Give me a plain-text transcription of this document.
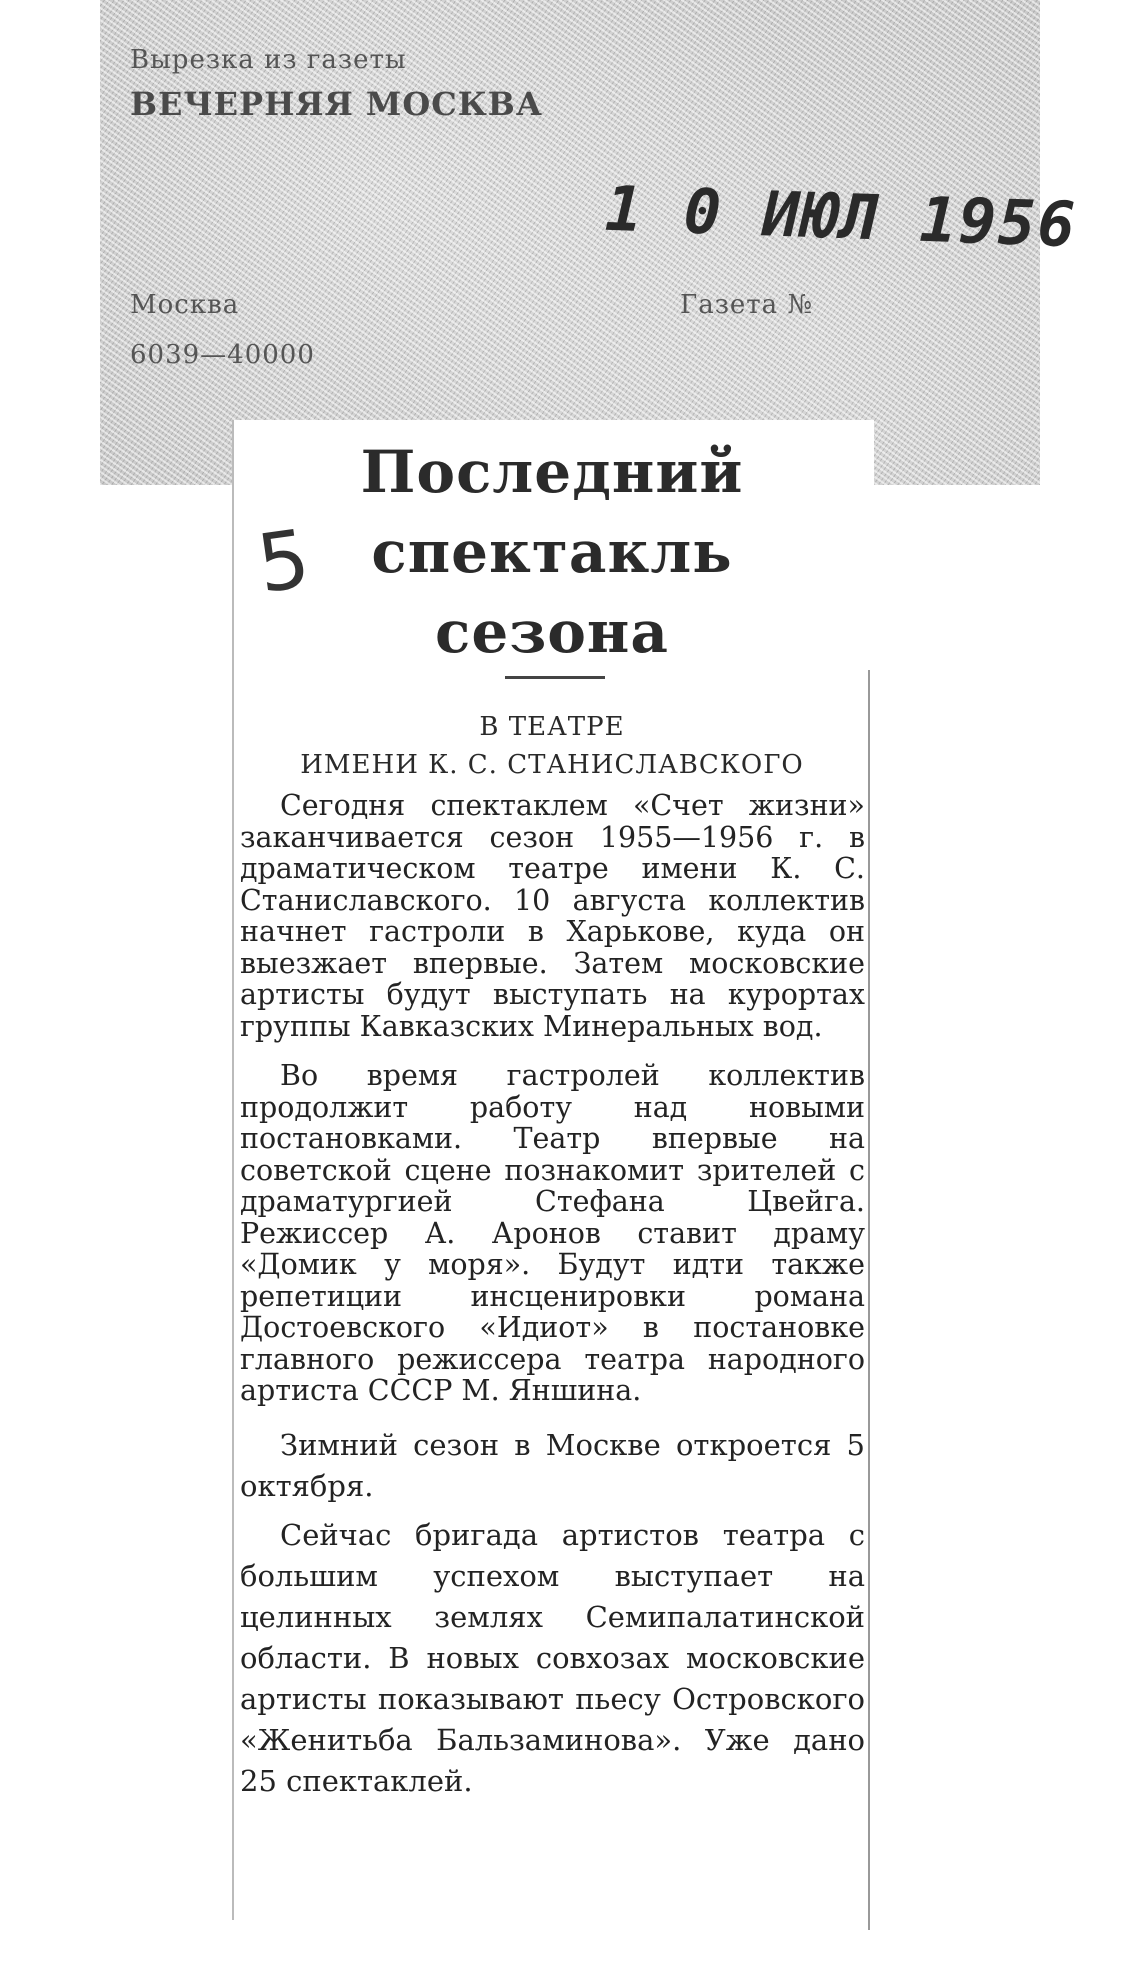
Вырезка из газеты
ВЕЧЕРНЯЯ МОСКВА
1 0 ИЮЛ 1956
Москва
6039—40000
Газета №
5
Последний
спектакль
сезона
В ТЕАТРЕ
ИМЕНИ К. С. СТАНИСЛАВСКОГО

Сегодня спектаклем «Счет жизни» заканчивается сезон 1955—1956 г. в драматическом театре имени К. С. Станиславского. 10 августа коллектив начнет гастроли в Харькове, куда он выезжает впервые. Затем московские артисты будут выступать на курортах группы Кавказских Минеральных вод.

Во время гастролей коллектив продолжит работу над новыми постановками. Театр впервые на советской сцене познакомит зрителей с драматургией Стефана Цвейга. Режиссер А. Аронов ставит драму «Домик у моря». Будут идти также репетиции инсценировки романа Достоевского «Идиот» в постановке главного режиссера театра народного артиста СССР М. Яншина.

Зимний сезон в Москве откроется 5 октября.

Сейчас бригада артистов театра с большим успехом выступает на целинных землях Семипалатинской области. В новых совхозах московские артисты показывают пьесу Островского «Женитьба Бальзаминова». Уже дано 25 спектаклей.
